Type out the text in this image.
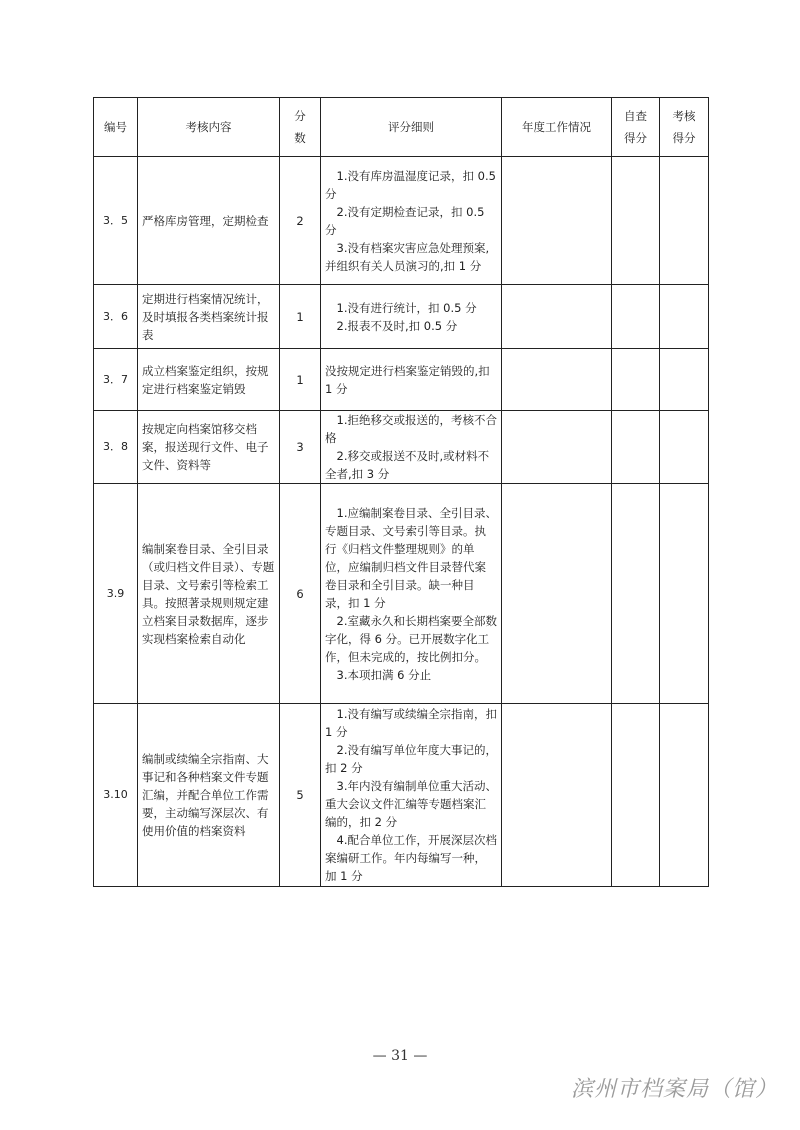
编号	考核内容	分数	评分细则	年度工作情况	自查得分	考核得分
3．5	严格库房管理，定期检查	2	1.没有库房温湿度记录，扣 0.5 分
2.没有定期检查记录，扣 0.5 分
3.没有档案灾害应急处理预案,并组织有关人员演习的,扣 1 分			

3．6	定期进行档案情况统计，及时填报各类档案统计报表	1	1.没有进行统计，扣 0.5 分
2.报表不及时,扣 0.5 分			

3．7	成立档案鉴定组织，按规定进行档案鉴定销毁	1	没按规定进行档案鉴定销毁的,扣 1 分			

3．8	按规定向档案馆移交档案，报送现行文件、电子文件、资料等	3	1.拒绝移交或报送的，考核不合格
2.移交或报送不及时,或材料不全者,扣 3 分			

3.9	编制案卷目录、全引目录（或归档文件目录）、专题目录、文号索引等检索工具。按照著录规则规定建立档案目录数据库，逐步实现档案检索自动化	6	1.应编制案卷目录、全引目录、专题目录、文号索引等目录。执行《归档文件整理规则》的单位，应编制归档文件目录替代案卷目录和全引目录。缺一种目录，扣 1 分
2.室藏永久和长期档案要全部数字化，得 6 分。已开展数字化工作，但未完成的，按比例扣分。
3.本项扣满 6 分止			

3.10	编制或续编全宗指南、大事记和各种档案文件专题汇编，并配合单位工作需要，主动编写深层次、有使用价值的档案资料	5	1.没有编写或续编全宗指南，扣 1 分
2.没有编写单位年度大事记的，扣 2 分
3.年内没有编制单位重大活动、重大会议文件汇编等专题档案汇编的，扣 2 分
4.配合单位工作，开展深层次档案编研工作。年内每编写一种，加 1 分			

— 31 —
滨州市档案局（馆）
